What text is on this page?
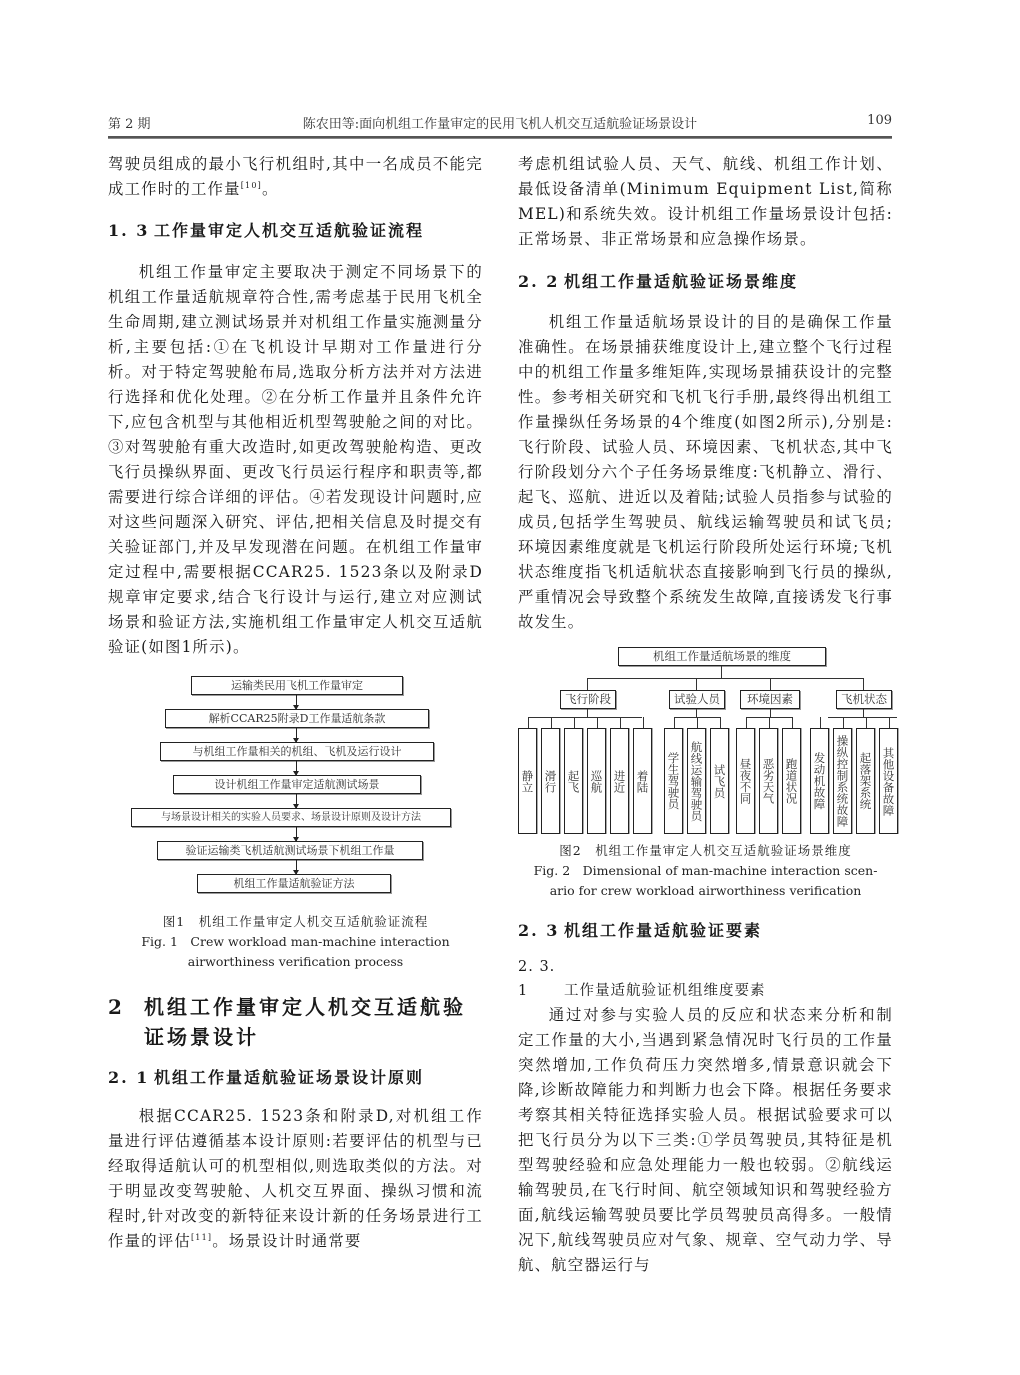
第 2 期	陈农田等:面向机组工作量审定的民用飞机人机交互适航验证场景设计	109

驾驶员组成的最小飞行机组时,其中一名成员不能完成工作时的工作量[10]。

1. 3 工作量审定人机交互适航验证流程

机组工作量审定主要取决于测定不同场景下的机组工作量适航规章符合性,需考虑基于民用飞机全生命周期,建立测试场景并对机组工作量实施测量分析,主要包括:①在飞机设计早期对工作量进行分析。对于特定驾驶舱布局,选取分析方法并对方法进行选择和优化处理。②在分析工作量并且条件允许下,应包含机型与其他相近机型驾驶舱之间的对比。③对驾驶舱有重大改造时,如更改驾驶舱构造、更改飞行员操纵界面、更改飞行员运行程序和职责等,都需要进行综合详细的评估。④若发现设计问题时,应对这些问题深入研究、评估,把相关信息及时提交有关验证部门,并及早发现潜在问题。在机组工作量审定过程中,需要根据CCAR25. 1523条以及附录D规章审定要求,结合飞行设计与运行,建立对应测试场景和验证方法,实施机组工作量审定人机交互适航验证(如图1所示)。

运输类民用飞机工作量审定
解析CCAR25附录D工作量适航条款
与机组工作量相关的机组、飞机及运行设计
设计机组工作量审定适航测试场景
与场景设计相关的实验人员要求、场景设计原则及设计方法
验证运输类飞机适航测试场景下机组工作量
机组工作量适航验证方法
图1　机组工作量审定人机交互适航验证流程
Fig. 1　Crew workload man-machine interaction
airworthiness verification process
2 机组工作量审定人机交互适航验证场景设计
2. 1 机组工作量适航验证场景设计原则

根据CCAR25. 1523条和附录D,对机组工作量进行评估遵循基本设计原则:若要评估的机型与已经取得适航认可的机型相似,则选取类似的方法。对于明显改变驾驶舱、人机交互界面、操纵习惯和流程时,针对改变的新特征来设计新的任务场景进行工作量的评估[11]。场景设计时通常要

考虑机组试验人员、天气、航线、机组工作计划、最低设备清单(Minimum Equipment List,简称 MEL)和系统失效。设计机组工作量场景设计包括:正常场景、非正常场景和应急操作场景。

2. 2 机组工作量适航验证场景维度

机组工作量适航场景设计的目的是确保工作量准确性。在场景捕获维度设计上,建立整个飞行过程中的机组工作量多维矩阵,实现场景捕获设计的完整性。参考相关研究和飞机飞行手册,最终得出机组工作量操纵任务场景的4个维度(如图2所示),分别是:飞行阶段、试验人员、环境因素、飞机状态,其中飞行阶段划分六个子任务场景维度:飞机静立、滑行、起飞、巡航、进近以及着陆;试验人员指参与试验的成员,包括学生驾驶员、航线运输驾驶员和试飞员;环境因素维度就是飞机运行阶段所处运行环境;飞机状态维度指飞机适航状态直接影响到飞行员的操纵,严重情况会导致整个系统发生故障,直接诱发飞行事故发生。

机组工作量适航场景的维度
飞行阶段	试验人员	环境因素	飞机状态
静立 滑行 起飞 巡航 进近 着陆 学生驾驶员 航线运输驾驶员 试飞员 昼夜不同 恶劣天气 跑道状况 发动机故障 操纵控制系统故障 起落架系统 其他设备故障
图2　机组工作量审定人机交互适航验证场景维度
Fig. 2　Dimensional of man-machine interaction scen-
ario for crew workload airworthiness verification
2. 3 机组工作量适航验证要素
2. 3. 1 工作量适航验证机组维度要素

通过对参与实验人员的反应和状态来分析和制定工作量的大小,当遇到紧急情况时飞行员的工作量突然增加,工作负荷压力突然增多,情景意识就会下降,诊断故障能力和判断力也会下降。根据任务要求考察其相关特征选择实验人员。根据试验要求可以把飞行员分为以下三类:①学员驾驶员,其特征是机型驾驶经验和应急处理能力一般也较弱。②航线运输驾驶员,在飞行时间、航空领域知识和驾驶经验方面,航线运输驾驶员要比学员驾驶员高得多。一般情况下,航线驾驶员应对气象、规章、空气动力学、导航、航空器运行与
